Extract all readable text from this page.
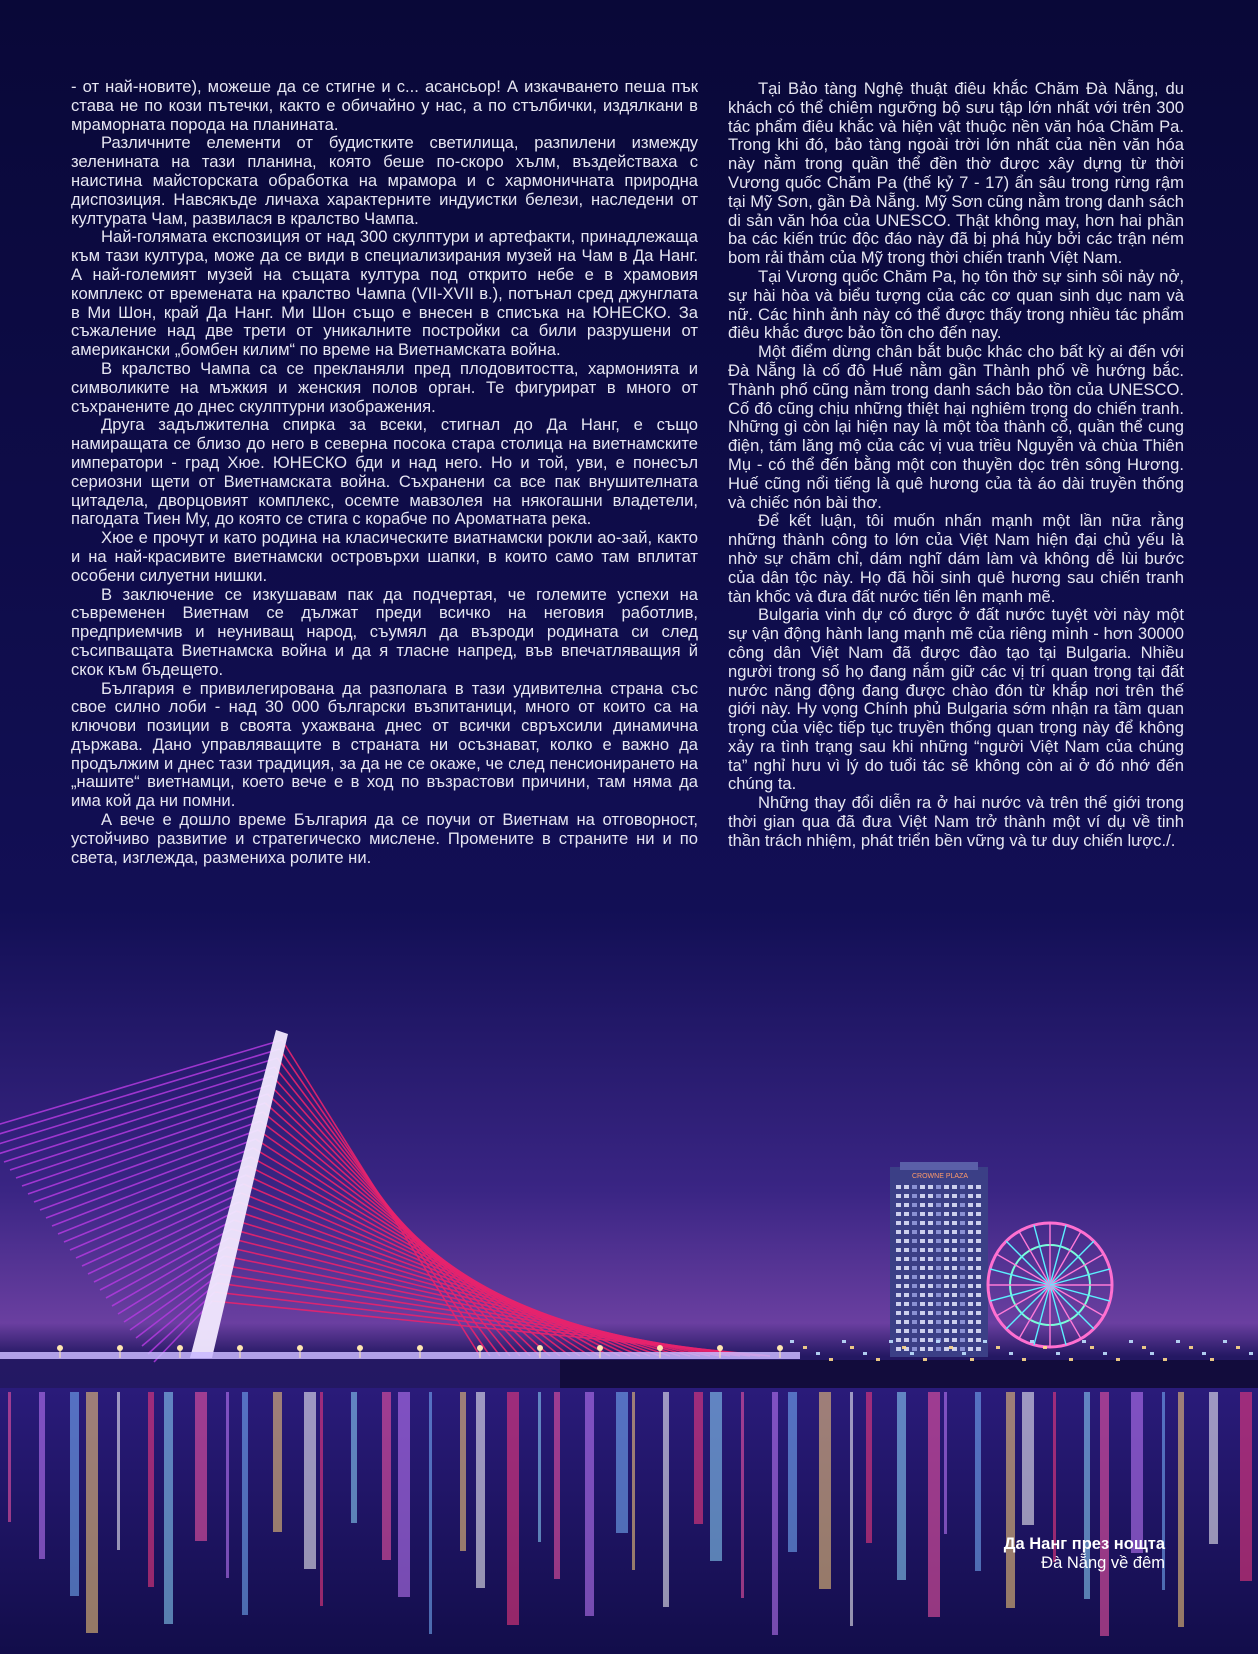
CROWNE PLAZA

- от най-новите), можеше да се стигне и с... асансьор! А изкачването пеша пък става не по кози пътечки, както е обичайно у нас, а по стълбички, издялкани в мраморната порода на планината.

Различните елементи от будистките светилища, разпилени измежду зеленината на тази планина, която беше по-скоро хълм, въздействаха с наистина майсторската обработка на мрамора и с хармоничната природна диспозиция. Навсякъде личаха характерните индуистки белези, наследени от културата Чам, развилася в кралство Чампа.

Най-голямата експозиция от над 300 скулптури и артефакти, принадлежаща към тази култура, може да се види в специализирания музей на Чам в Да Нанг. А най-големият музей на същата култура под открито небе е в храмовия комплекс от времената на кралство Чампа (VII-XVII в.), потънал сред джунглата в Ми Шон, край Да Нанг. Ми Шон също е внесен в списъка на ЮНЕСКО. За съжаление над две трети от уникалните постройки са били разрушени от американски „бомбен килим“ по време на Виетнамската война.

В кралство Чампа са се прекланяли пред плодовитостта, хармонията и символиките на мъжкия и женския полов орган. Те фигурират в много от съхранените до днес скулптурни изображения.

Друга задължителна спирка за всеки, стигнал до Да Нанг, е също намиращата се близо до него в северна посока стара столица на виетнамските императори - град Хюе. ЮНЕСКО бди и над него. Но и той, уви, е понесъл сериозни щети от Виетнамската война. Съхранени са все пак внушителната цитадела, дворцовият комплекс, осемте мавзолея на някогашни владетели, пагодата Тиен Му, до която се стига с корабче по Ароматната река.

Хюе е прочут и като родина на класическите виатнамски рокли ао-зай, както и на най-красивите виетнамски островърхи шапки, в които само там вплитат особени силуетни нишки.

В заключение се изкушавам пак да подчертая, че големите успехи на съвременен Виетнам се дължат преди всичко на неговия работлив, предприемчив и неуниващ народ, съумял да възроди родината си след съсипващата Виетнамска война и да я тласне напред, във впечатляващия й скок към бъдещето.

България е привилегирована да разполага в тази удивителна страна със свое силно лоби - над 30 000 български възпитаници, много от които са на ключови позиции в своята ухажвана днес от всички свръхсили динамична държава. Дано управляващите в страната ни осъзнават, колко е важно да продължим и днес тази традиция, за да не се окаже, че след пенсионирането на „нашите“ виетнамци, което вече е в ход по възрастови причини, там няма да има кой да ни помни.

А вече е дошло време България да се поучи от Виетнам на отговорност, устойчиво развитие и стратегическо мислене. Промените в страните ни и по света, изглежда, размениха ролите ни.

Tại Bảo tàng Nghệ thuật điêu khắc Chăm Đà Nẵng, du khách có thể chiêm ngưỡng bộ sưu tập lớn nhất với trên 300 tác phẩm điêu khắc và hiện vật thuộc nền văn hóa Chăm Pa. Trong khi đó, bảo tàng ngoài trời lớn nhất của nền văn hóa này nằm trong quần thể đền thờ được xây dựng từ thời Vương quốc Chăm Pa (thế kỷ 7 - 17) ẩn sâu trong rừng rậm tại Mỹ Sơn, gần Đà Nẵng. Mỹ Sơn cũng nằm trong danh sách di sản văn hóa của UNESCO. Thật không may, hơn hai phần ba các kiến trúc độc đáo này đã bị phá hủy bởi các trận ném bom rải thảm của Mỹ trong thời chiến tranh Việt Nam.

Tại Vương quốc Chăm Pa, họ tôn thờ sự sinh sôi nảy nở, sự hài hòa và biểu tượng của các cơ quan sinh dục nam và nữ. Các hình ảnh này có thể được thấy trong nhiều tác phẩm điêu khắc được bảo tồn cho đến nay.

Một điểm dừng chân bắt buộc khác cho bất kỳ ai đến với Đà Nẵng là cố đô Huế nằm gần Thành phố về hướng bắc. Thành phố cũng nằm trong danh sách bảo tồn của UNESCO. Cố đô cũng chịu những thiệt hại nghiêm trọng do chiến tranh. Những gì còn lại hiện nay là một tòa thành cổ, quần thể cung điện, tám lăng mộ của các vị vua triều Nguyễn và chùa Thiên Mụ - có thể đến bằng một con thuyền dọc trên sông Hương. Huế cũng nổi tiếng là quê hương của tà áo dài truyền thống và chiếc nón bài thơ.

Để kết luận, tôi muốn nhấn mạnh một lần nữa rằng những thành công to lớn của Việt Nam hiện đại chủ yếu là nhờ sự chăm chỉ, dám nghĩ dám làm và không dễ lùi bước của dân tộc này. Họ đã hồi sinh quê hương sau chiến tranh tàn khốc và đưa đất nước tiến lên mạnh mẽ.

Bulgaria vinh dự có được ở đất nước tuyệt vời này một sự vận động hành lang mạnh mẽ của riêng mình - hơn 30000 công dân Việt Nam đã được đào tạo tại Bulgaria. Nhiều người trong số họ đang nắm giữ các vị trí quan trọng tại đất nước năng động đang được chào đón từ khắp nơi trên thế giới này. Hy vọng Chính phủ Bulgaria sớm nhận ra tầm quan trọng của việc tiếp tục truyền thống quan trọng này để không xảy ra tình trạng sau khi những “người Việt Nam của chúng ta” nghỉ hưu vì lý do tuổi tác sẽ không còn ai ở đó nhớ đến chúng ta.

Những thay đổi diễn ra ở hai nước và trên thế giới trong thời gian qua đã đưa Việt Nam trở thành một ví dụ về tinh thần trách nhiệm, phát triển bền vững và tư duy chiến lược./.

Да Нанг през нощта
Đà Nẵng về đêm
